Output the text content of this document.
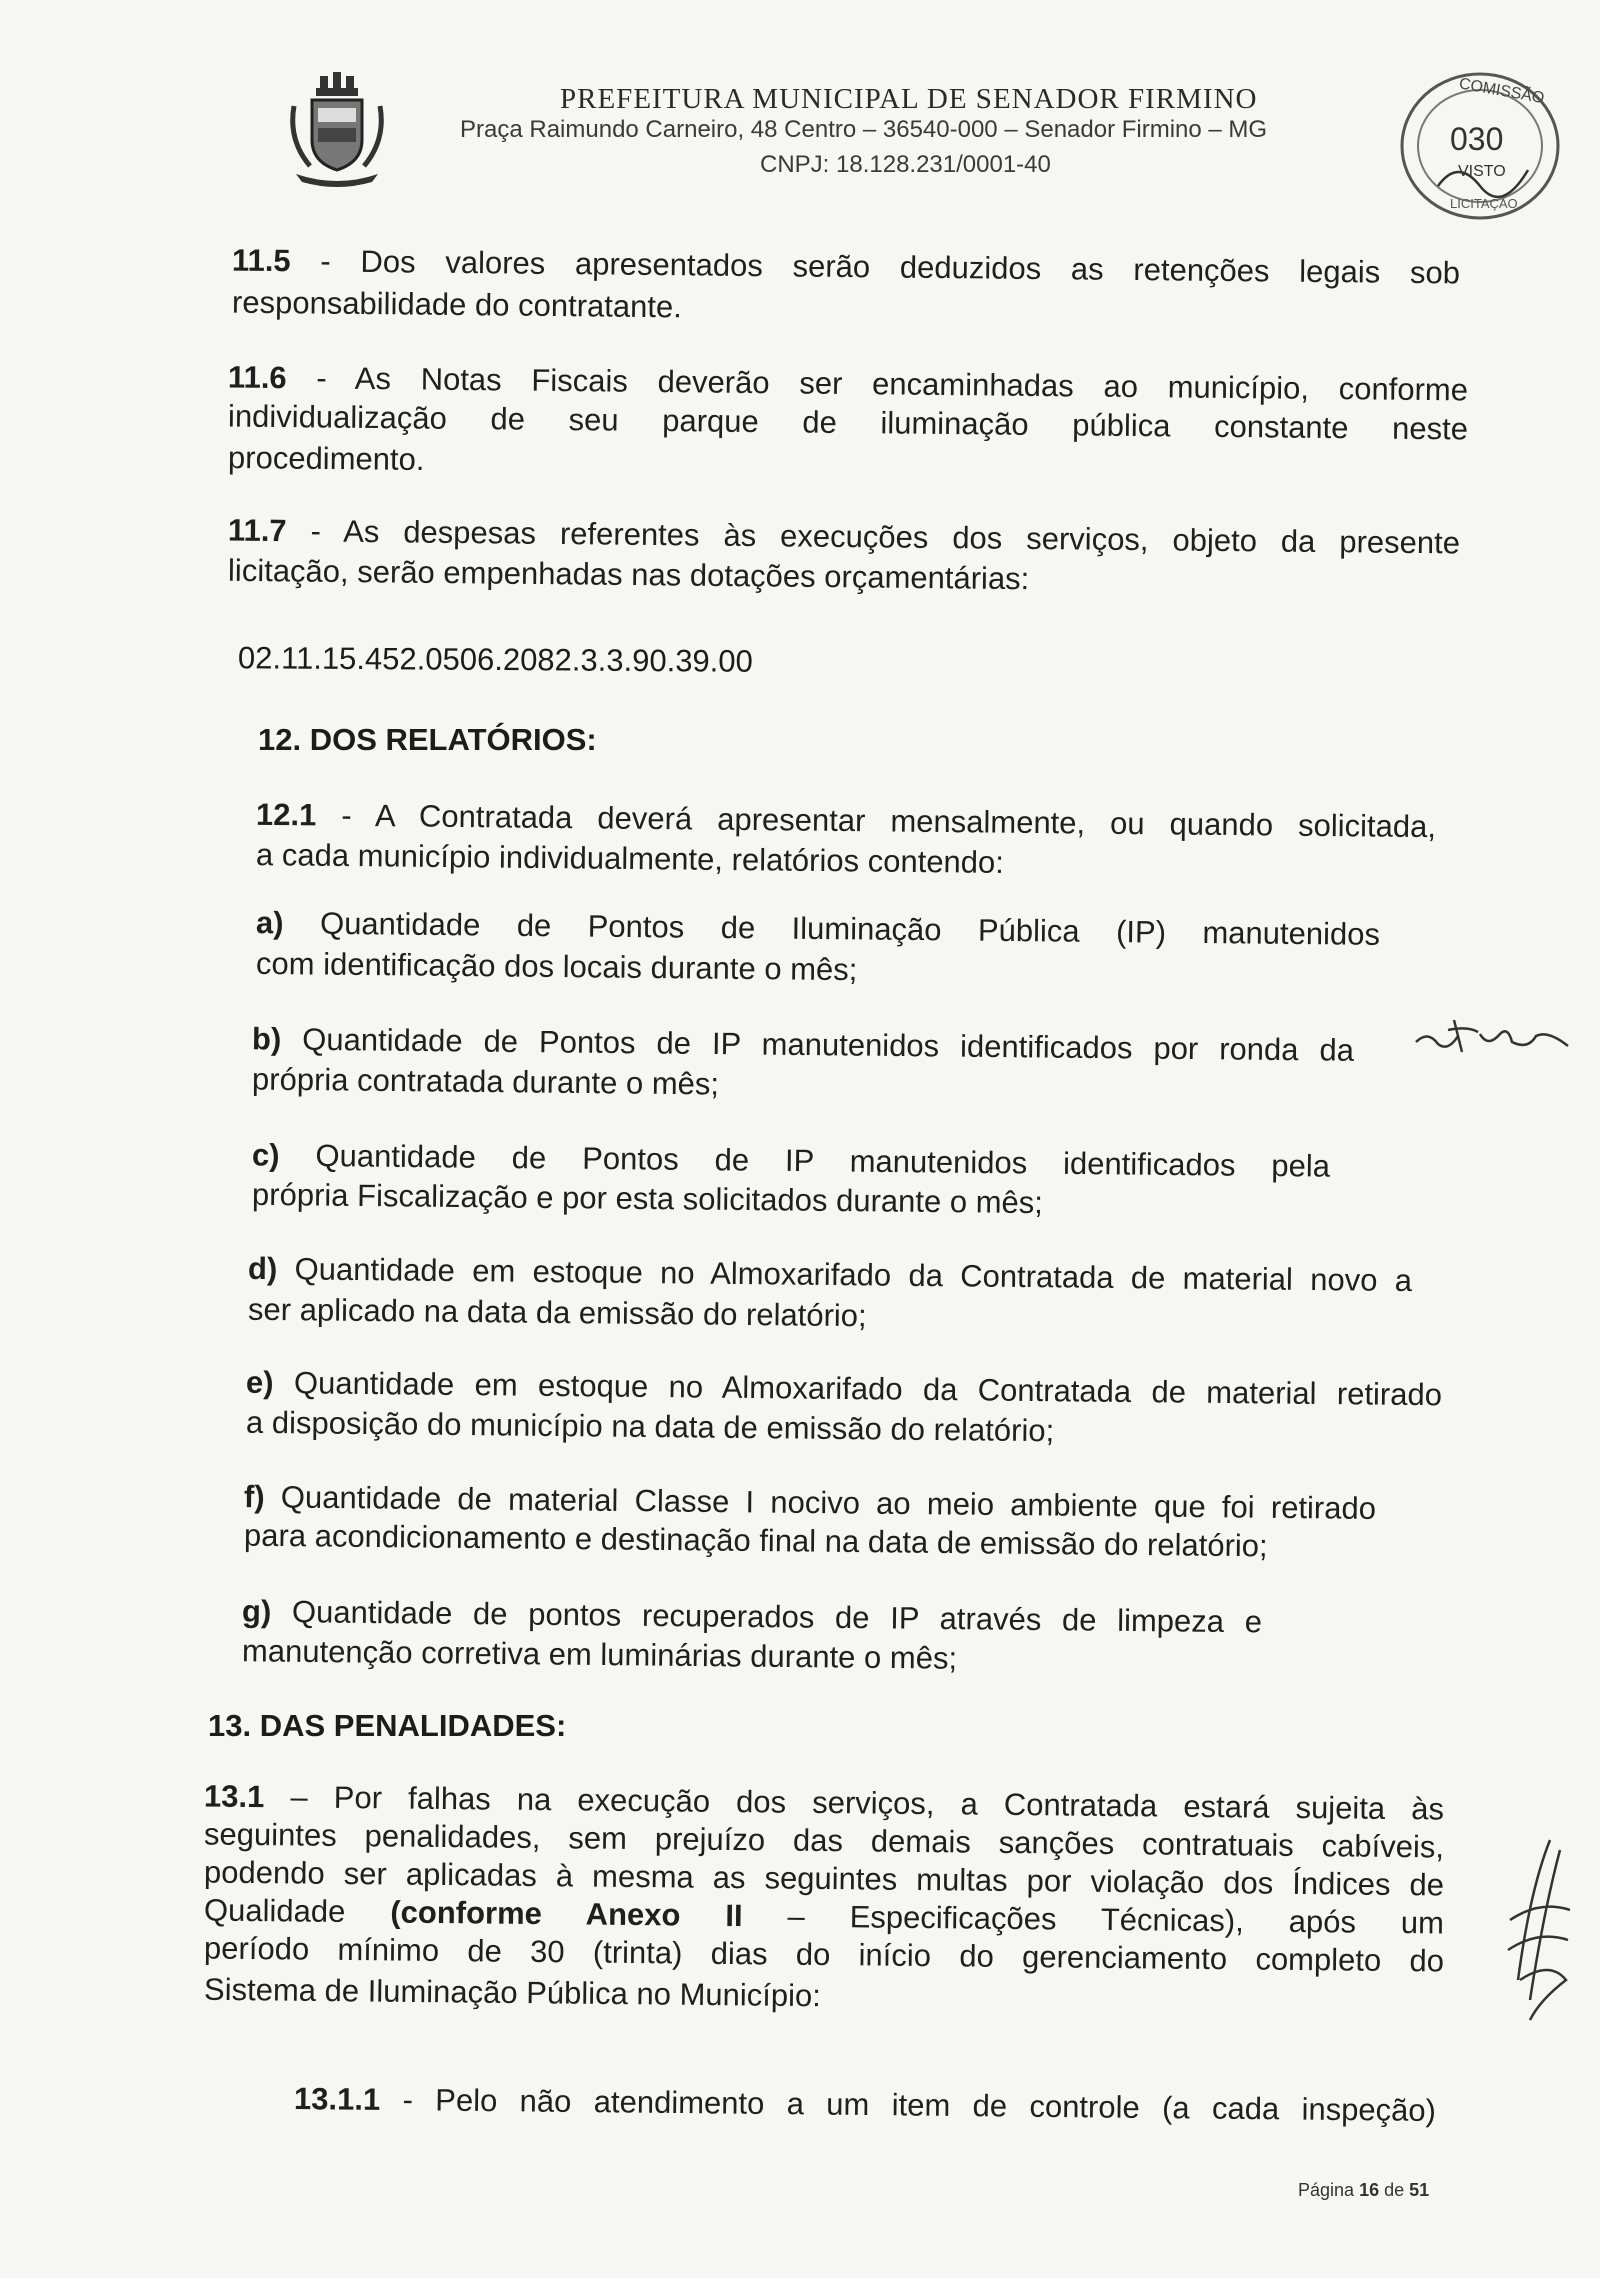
PREFEITURA MUNICIPAL DE SENADOR FIRMINO
Praça Raimundo Carneiro, 48 Centro – 36540-000 – Senador Firmino – MG
CNPJ: 18.128.231/0001-40
COMISSÃO
030
VISTO
LICITAÇÃO
11.5 - Dos valores apresentados serão deduzidos as retenções legais sob
responsabilidade do contratante.
11.6 - As Notas Fiscais deverão ser encaminhadas ao município, conforme
individualização de seu parque de iluminação pública constante neste
procedimento.
11.7 - As despesas referentes às execuções dos serviços, objeto da presente
licitação, serão empenhadas nas dotações orçamentárias:
02.11.15.452.0506.2082.3.3.90.39.00
12. DOS RELATÓRIOS:
12.1 - A Contratada deverá apresentar mensalmente, ou quando solicitada,
a cada município individualmente, relatórios contendo:
a) Quantidade de Pontos de Iluminação Pública (IP) manutenidos
com identificação dos locais durante o mês;
b) Quantidade de Pontos de IP manutenidos identificados por ronda da
própria contratada durante o mês;
c) Quantidade de Pontos de IP manutenidos identificados pela
própria Fiscalização e por esta solicitados durante o mês;
d) Quantidade em estoque no Almoxarifado da Contratada de material novo a
ser aplicado na data da emissão do relatório;
e) Quantidade em estoque no Almoxarifado da Contratada de material retirado
a disposição do município na data de emissão do relatório;
f) Quantidade de material Classe I nocivo ao meio ambiente que foi retirado
para acondicionamento e destinação final na data de emissão do relatório;
g) Quantidade de pontos recuperados de IP através de limpeza e
manutenção corretiva em luminárias durante o mês;
13. DAS PENALIDADES:
13.1 – Por falhas na execução dos serviços, a Contratada estará sujeita às
seguintes penalidades, sem prejuízo das demais sanções contratuais cabíveis,
podendo ser aplicadas à mesma as seguintes multas por violação dos Índices de
Qualidade (conforme Anexo II – Especificações Técnicas), após um
período mínimo de 30 (trinta) dias do início do gerenciamento completo do
Sistema de Iluminação Pública no Município:
13.1.1 - Pelo não atendimento a um item de controle (a cada inspeção)
Página 16 de 51
